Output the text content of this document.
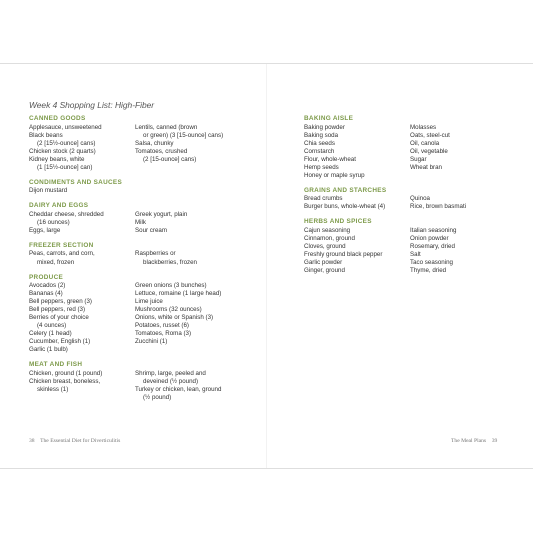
Week 4 Shopping List: High-Fiber
CANNED GOODS
Applesauce, unsweetened
Black beans
(2 [15½-ounce] cans)
Chicken stock (2 quarts)
Kidney beans, white
(1 [15½-ounce] can)
Lentils, canned (brown
or green) (3 [15-ounce] cans)
Salsa, chunky
Tomatoes, crushed
(2 [15-ounce] cans)
CONDIMENTS AND SAUCES
Dijon mustard
DAIRY AND EGGS
Cheddar cheese, shredded
(16 ounces)
Eggs, large
Greek yogurt, plain
Milk
Sour cream
FREEZER SECTION
Peas, carrots, and corn,
mixed, frozen
Raspberries or
blackberries, frozen
PRODUCE
Avocados (2)
Bananas (4)
Bell peppers, green (3)
Bell peppers, red (3)
Berries of your choice
(4 ounces)
Celery (1 head)
Cucumber, English (1)
Garlic (1 bulb)
Green onions (3 bunches)
Lettuce, romaine (1 large head)
Lime juice
Mushrooms (32 ounces)
Onions, white or Spanish (3)
Potatoes, russet (6)
Tomatoes, Roma (3)
Zucchini (1)
MEAT AND FISH
Chicken, ground (1 pound)
Chicken breast, boneless,
skinless (1)
Shrimp, large, peeled and
deveined (½ pound)
Turkey or chicken, lean, ground
(½ pound)
BAKING AISLE
Baking powder
Baking soda
Chia seeds
Cornstarch
Flour, whole-wheat
Hemp seeds
Honey or maple syrup
Molasses
Oats, steel-cut
Oil, canola
Oil, vegetable
Sugar
Wheat bran
GRAINS AND STARCHES
Bread crumbs
Burger buns, whole-wheat (4)
Quinoa
Rice, brown basmati
HERBS AND SPICES
Cajun seasoning
Cinnamon, ground
Cloves, ground
Freshly ground black pepper
Garlic powder
Ginger, ground
Italian seasoning
Onion powder
Rosemary, dried
Salt
Taco seasoning
Thyme, dried
38 The Essential Diet for Diverticulitis	The Meal Plans 39
